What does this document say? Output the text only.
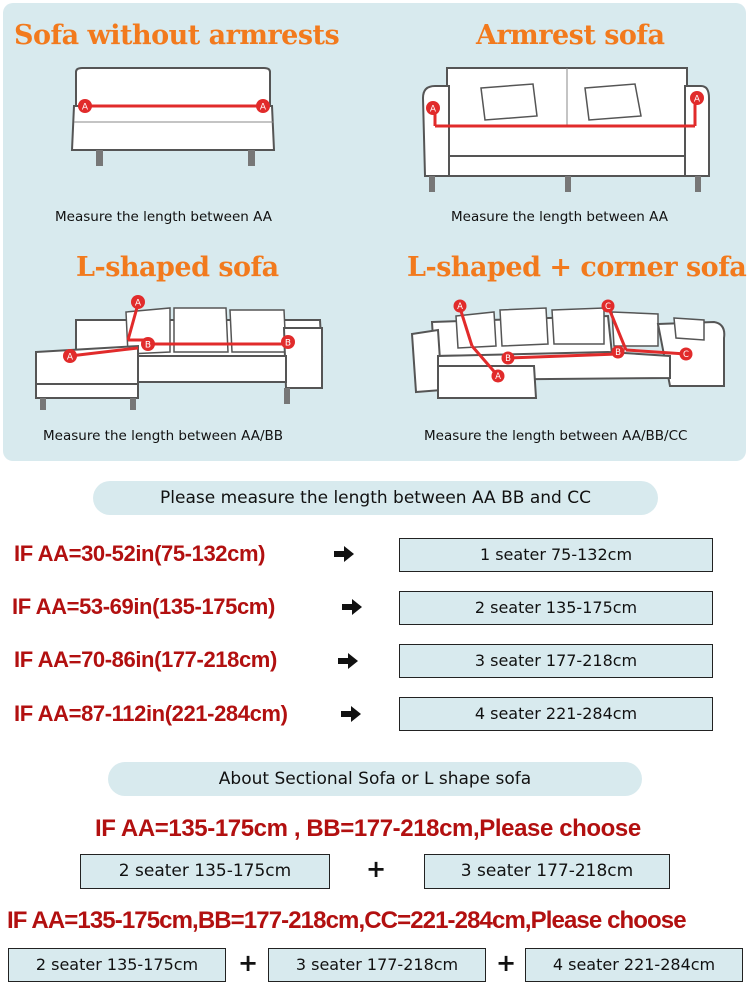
Sofa without armrests	Armrest sofa
L-shaped sofa	L-shaped + corner sofa
A	A
Measure the length between AA
A
A
Measure the length between AA
A
A
B	B
Measure the length between AA/BB
A
A
B
B
C
C
Measure the length between AA/BB/CC
Please measure the length between AA BB and CC
IF AA=30-52in(75-132cm)	1 seater 75-132cm
IF AA=53-69in(135-175cm)	2 seater 135-175cm
IF AA=70-86in(177-218cm)	3 seater 177-218cm
IF AA=87-112in(221-284cm)	4 seater 221-284cm
About Sectional Sofa or L shape sofa
IF AA=135-175cm , BB=177-218cm,Please choose
2 seater 135-175cm	+	3 seater 177-218cm
IF AA=135-175cm,BB=177-218cm,CC=221-284cm,Please choose
2 seater 135-175cm	+	3 seater 177-218cm	+	4 seater 221-284cm
